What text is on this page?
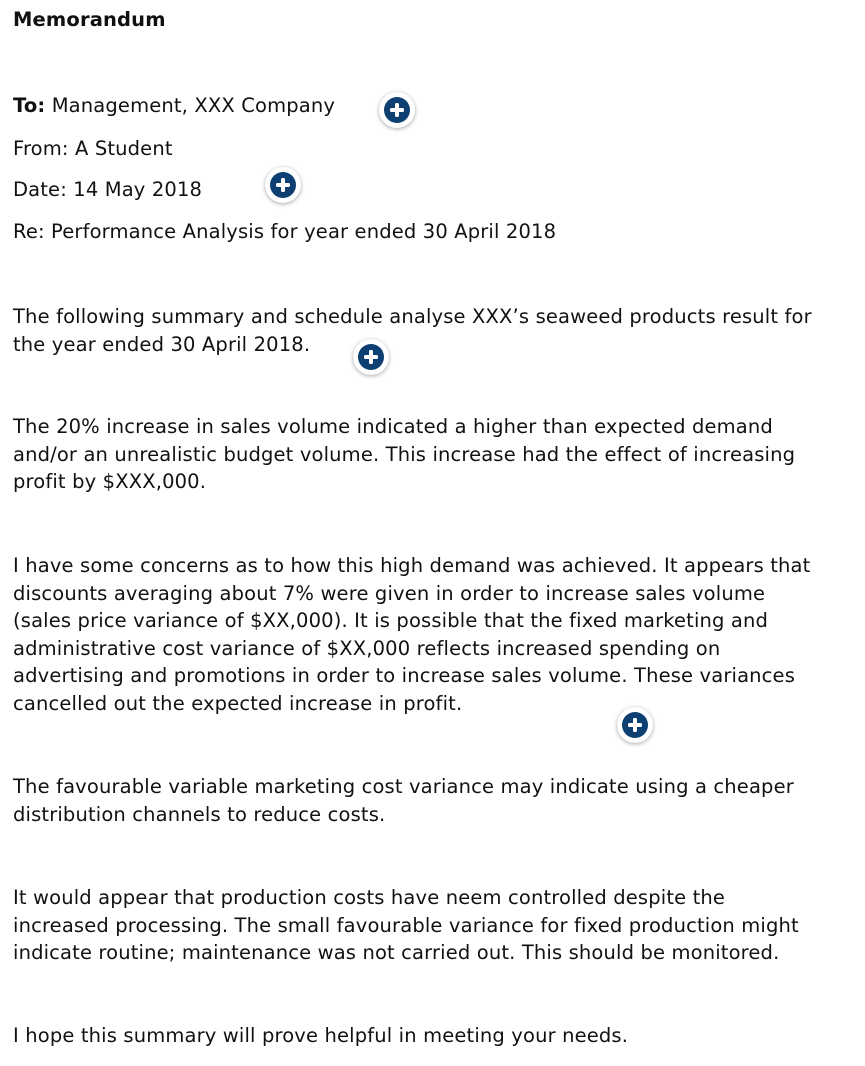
Memorandum
To: Management, XXX Company
From: A Student
Date: 14 May 2018
Re: Performance Analysis for year ended 30 April 2018
The following summary and schedule analyse XXX’s seaweed products result for
the year ended 30 April 2018.
The 20% increase in sales volume indicated a higher than expected demand
and/or an unrealistic budget volume. This increase had the effect of increasing
profit by $XXX,000.
I have some concerns as to how this high demand was achieved. It appears that
discounts averaging about 7% were given in order to increase sales volume
(sales price variance of $XX,000). It is possible that the fixed marketing and
administrative cost variance of $XX,000 reflects increased spending on
advertising and promotions in order to increase sales volume. These variances
cancelled out the expected increase in profit.
The favourable variable marketing cost variance may indicate using a cheaper
distribution channels to reduce costs.
It would appear that production costs have neem controlled despite the
increased processing. The small favourable variance for fixed production might
indicate routine; maintenance was not carried out. This should be monitored.
I hope this summary will prove helpful in meeting your needs.
